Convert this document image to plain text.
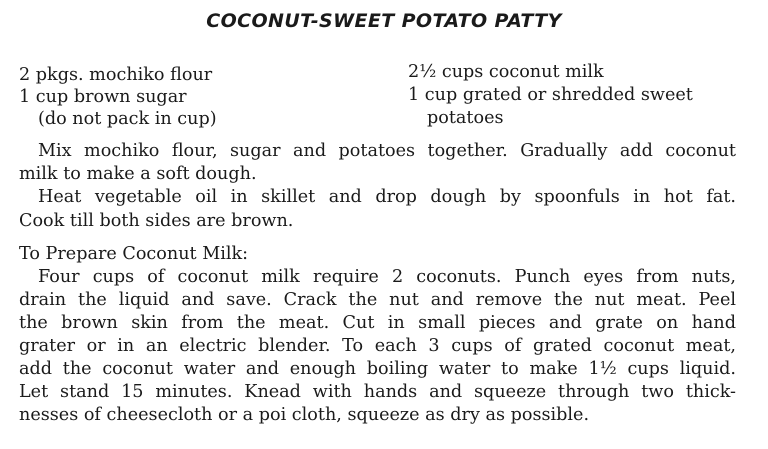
COCONUT-SWEET POTATO PATTY
2 pkgs. mochiko flour
1 cup brown sugar
(do not pack in cup)
2½ cups coconut milk
1 cup grated or shredded sweet
potatoes
Mix mochiko flour, sugar and potatoes together. Gradually add coconut
milk to make a soft dough.
Heat vegetable oil in skillet and drop dough by spoonfuls in hot fat.
Cook till both sides are brown.
To Prepare Coconut Milk:
Four cups of coconut milk require 2 coconuts. Punch eyes from nuts,
drain the liquid and save. Crack the nut and remove the nut meat. Peel
the brown skin from the meat. Cut in small pieces and grate on hand
grater or in an electric blender. To each 3 cups of grated coconut meat,
add the coconut water and enough boiling water to make 1½ cups liquid.
Let stand 15 minutes. Knead with hands and squeeze through two thick-
nesses of cheesecloth or a poi cloth, squeeze as dry as possible.
